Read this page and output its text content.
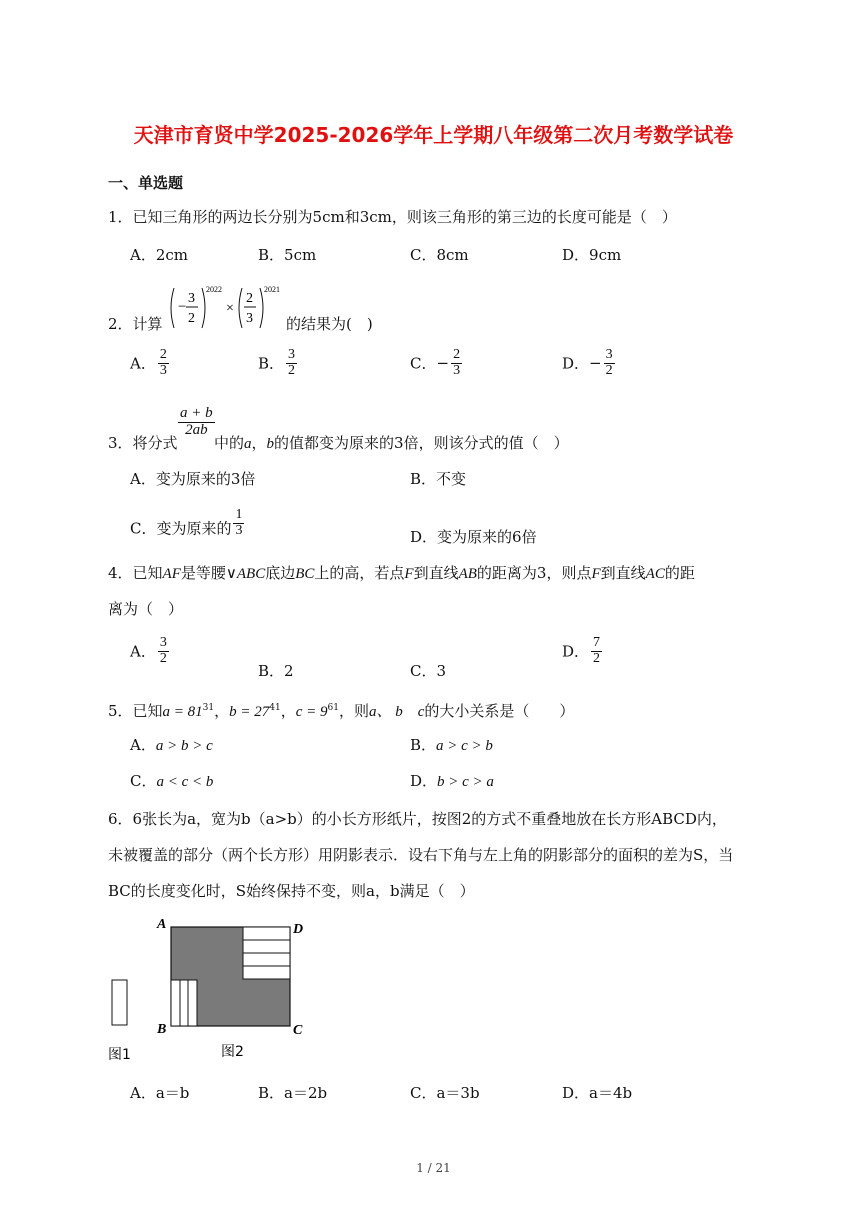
天津市育贤中学2025-2026学年上学期八年级第二次月考数学试卷
一、单选题
1．已知三角形的两边长分别为5cm和3cm，则该三角形的第三边的长度可能是（　）
A．2cm	B．5cm	C．8cm	D．9cm
2．计算
−
3
2
2022
×
2
3
2021
的结果为(　)
A． $\frac{2}{3}$	B． $\frac{3}{2}$	C．− $\frac{2}{3}$	D．− $\frac{3}{2}$
3．将分式
$\frac{a + b}{2ab}$
中的a，b的值都变为原来的3倍，则该分式的值（　）
A．变为原来的3倍	B．不变
C．变为原来的 $\frac{1}{3}$	D．变为原来的6倍
4．已知AF是等腰∨ABC底边BC上的高，若点F到直线AB的距离为3，则点F到直线AC的距
离为（　）
A． $\frac{3}{2}$
B．2	C．3
D． $\frac{7}{2}$
5．已知$a = 81^{31}$，$b = 27^{41}$，$c = 9^{61}$，则a、 b　c的大小关系是（　　）
A．a > b > c	B．a > c > b
C．a < c < b	D．b > c > a
6．6张长为a，宽为b（a>b）的小长方形纸片，按图2的方式不重叠地放在长方形ABCD内，
未被覆盖的部分（两个长方形）用阴影表示．设右下角与左上角的阴影部分的面积的差为S，当
BC的长度变化时，S始终保持不变，则a，b满足（　）
A	D
B	C
图1	图2
A．a＝b	B．a＝2b	C．a＝3b	D．a＝4b
1 / 21
